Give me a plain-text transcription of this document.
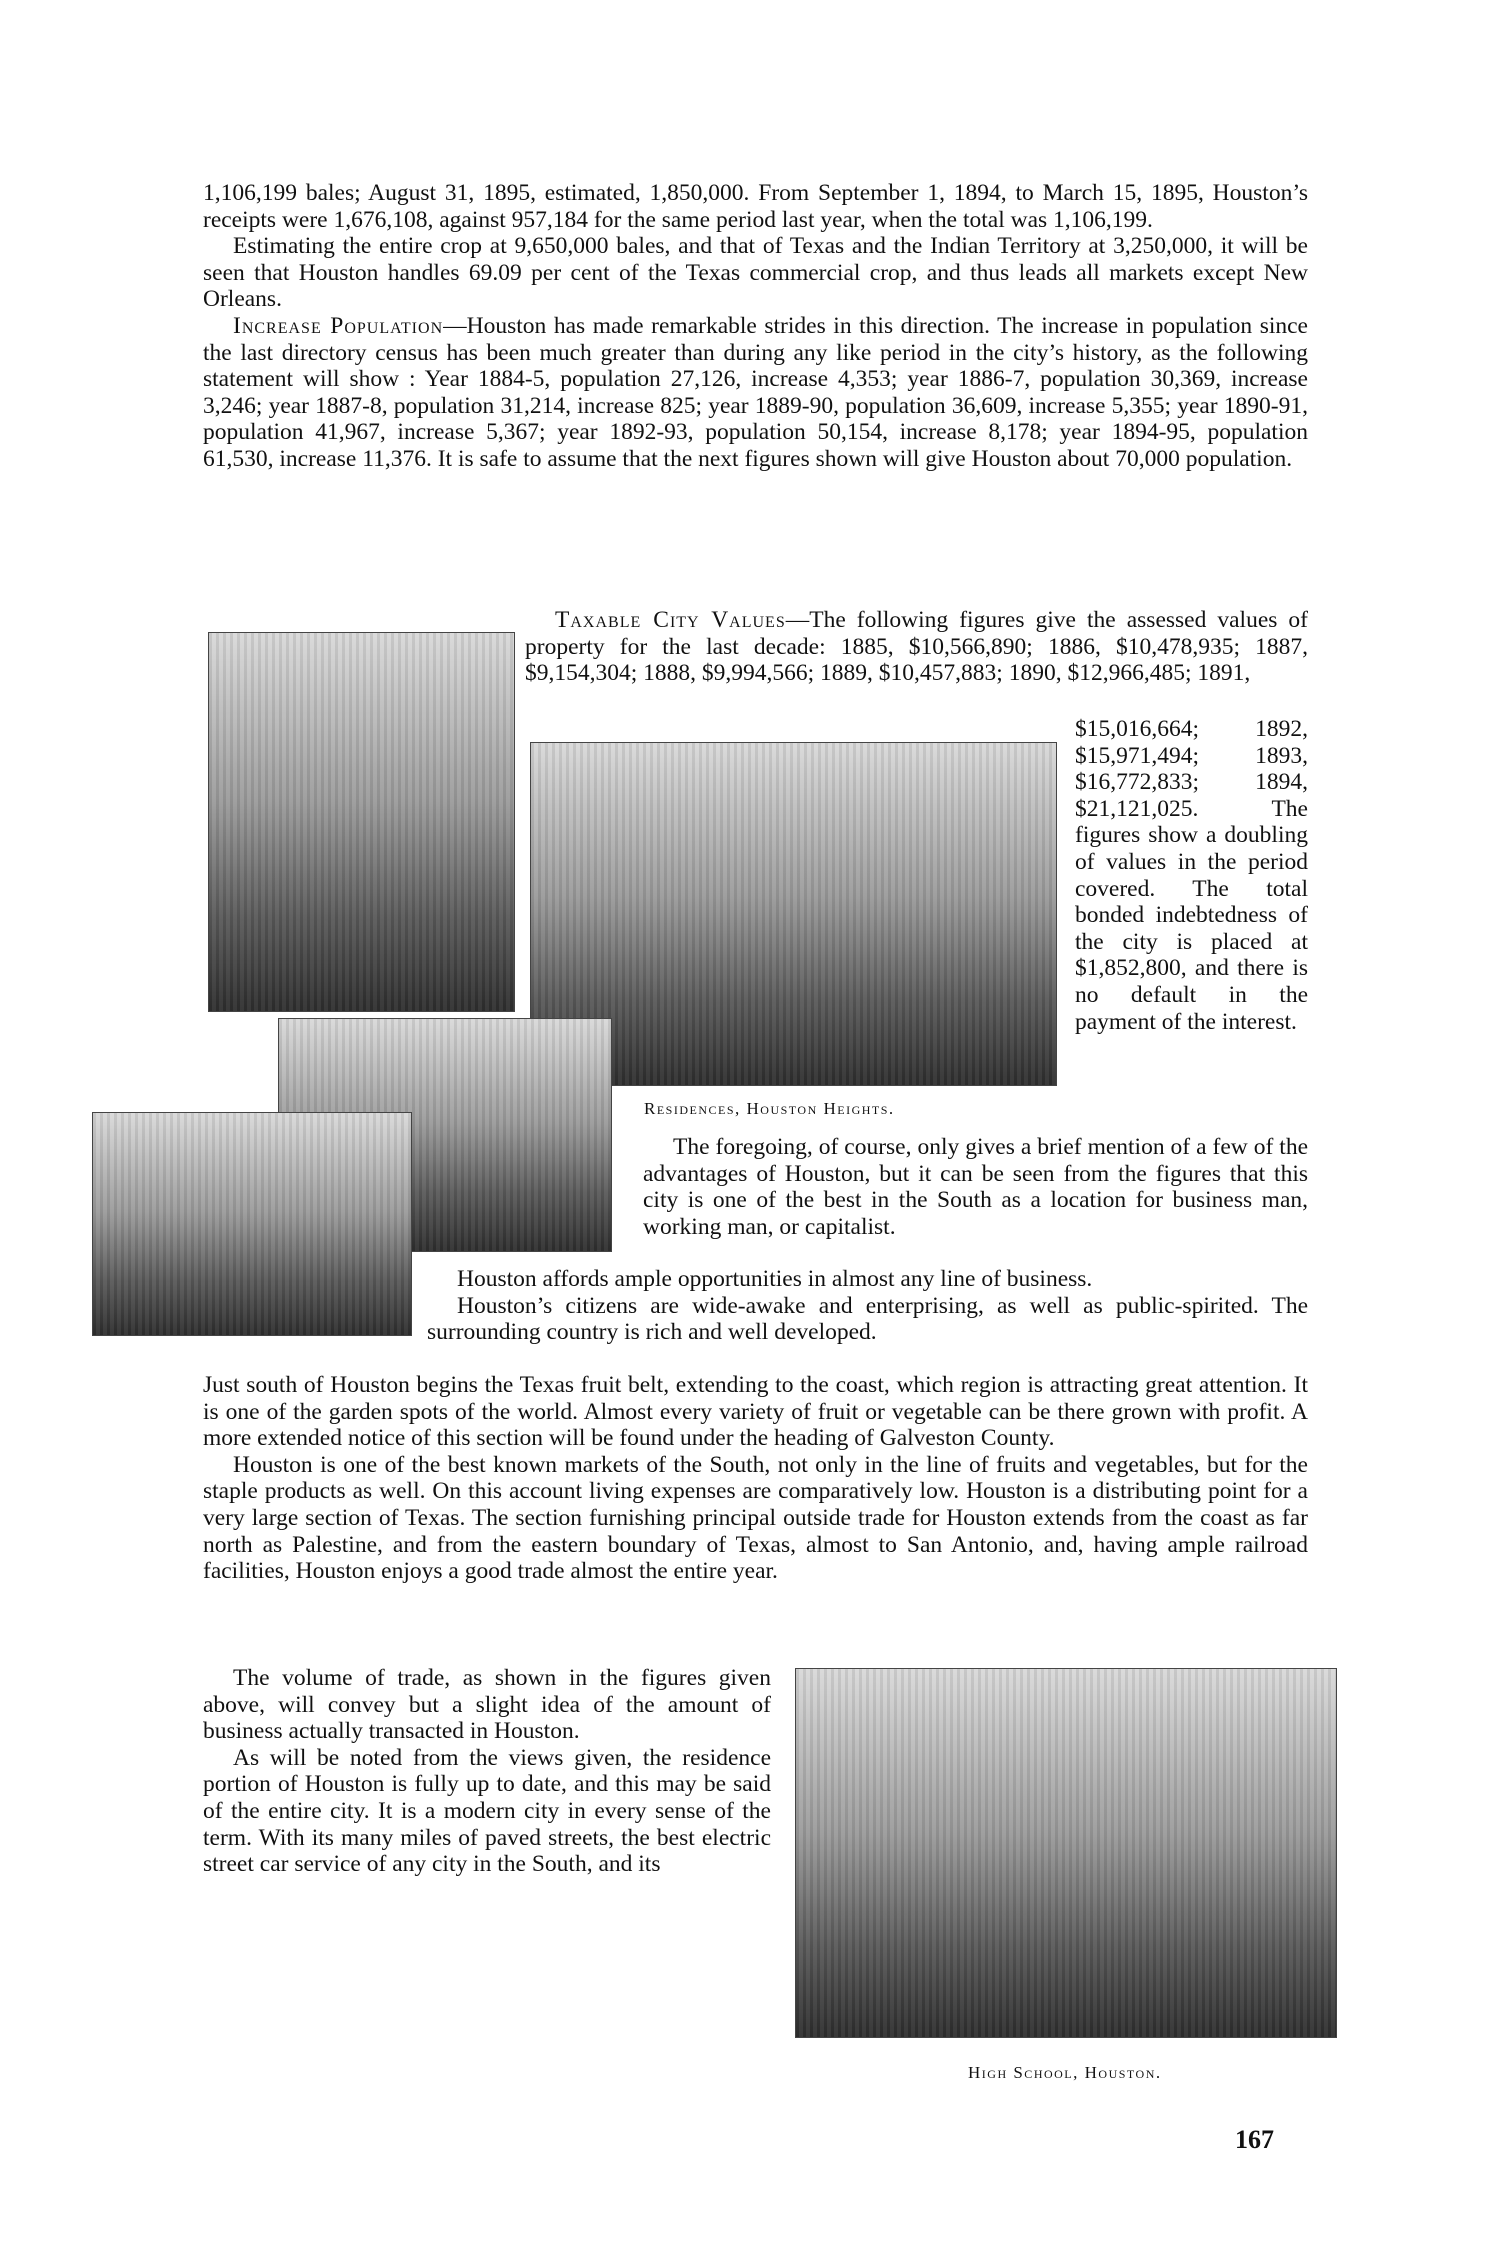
1,106,199 bales; August 31, 1895, estimated, 1,850,000. From September 1, 1894, to March 15, 1895, Houston’s receipts were 1,676,108, against 957,184 for the same period last year, when the total was 1,106,199.

Estimating the entire crop at 9,650,000 bales, and that of Texas and the Indian Territory at 3,250,000, it will be seen that Houston handles 69.09 per cent of the Texas commercial crop, and thus leads all markets except New Orleans.

Increase Population—Houston has made remarkable strides in this direction. The increase in population since the last directory census has been much greater than during any like period in the city’s history, as the following statement will show : Year 1884-5, population 27,126, increase 4,353; year 1886-7, population 30,369, increase 3,246; year 1887-8, population 31,214, increase 825; year 1889-90, population 36,609, increase 5,355; year 1890-91, population 41,967, increase 5,367; year 1892-93, population 50,154, increase 8,178; year 1894-95, population 61,530, increase 11,376. It is safe to assume that the next figures shown will give Houston about 70,000 population.

Taxable City Values—The following figures give the assessed values of property for the last decade: 1885, $10,566,890; 1886, $10,478,935; 1887, $9,154,304; 1888, $9,994,566; 1889, $10,457,883; 1890, $12,966,485; 1891,

$15,016,664; 1892, $15,971,494; 1893, $16,772,833; 1894, $21,121,025. The figures show a doubling of values in the period covered. The total bonded indebtedness of the city is placed at $1,852,800, and there is no default in the payment of the interest.

Residences, Houston Heights.

The foregoing, of course, only gives a brief mention of a few of the advantages of Houston, but it can be seen from the figures that this city is one of the best in the South as a location for business man, working man, or capitalist.

Houston affords ample opportunities in almost any line of business.

Houston’s citizens are wide-awake and enterprising, as well as public-spirited. The surrounding country is rich and well developed.

Just south of Houston begins the Texas fruit belt, extending to the coast, which region is attracting great attention. It is one of the garden spots of the world. Almost every variety of fruit or vegetable can be there grown with profit. A more extended notice of this section will be found under the heading of Galveston County.

Houston is one of the best known markets of the South, not only in the line of fruits and vegetables, but for the staple products as well. On this account living expenses are comparatively low. Houston is a distributing point for a very large section of Texas. The section furnishing principal outside trade for Houston extends from the coast as far north as Palestine, and from the eastern boundary of Texas, almost to San Antonio, and, having ample railroad facilities, Houston enjoys a good trade almost the entire year.

The volume of trade, as shown in the figures given above, will convey but a slight idea of the amount of business actually transacted in Houston.

As will be noted from the views given, the residence portion of Houston is fully up to date, and this may be said of the entire city. It is a modern city in every sense of the term. With its many miles of paved streets, the best electric street car service of any city in the South, and its

High School, Houston.
167
